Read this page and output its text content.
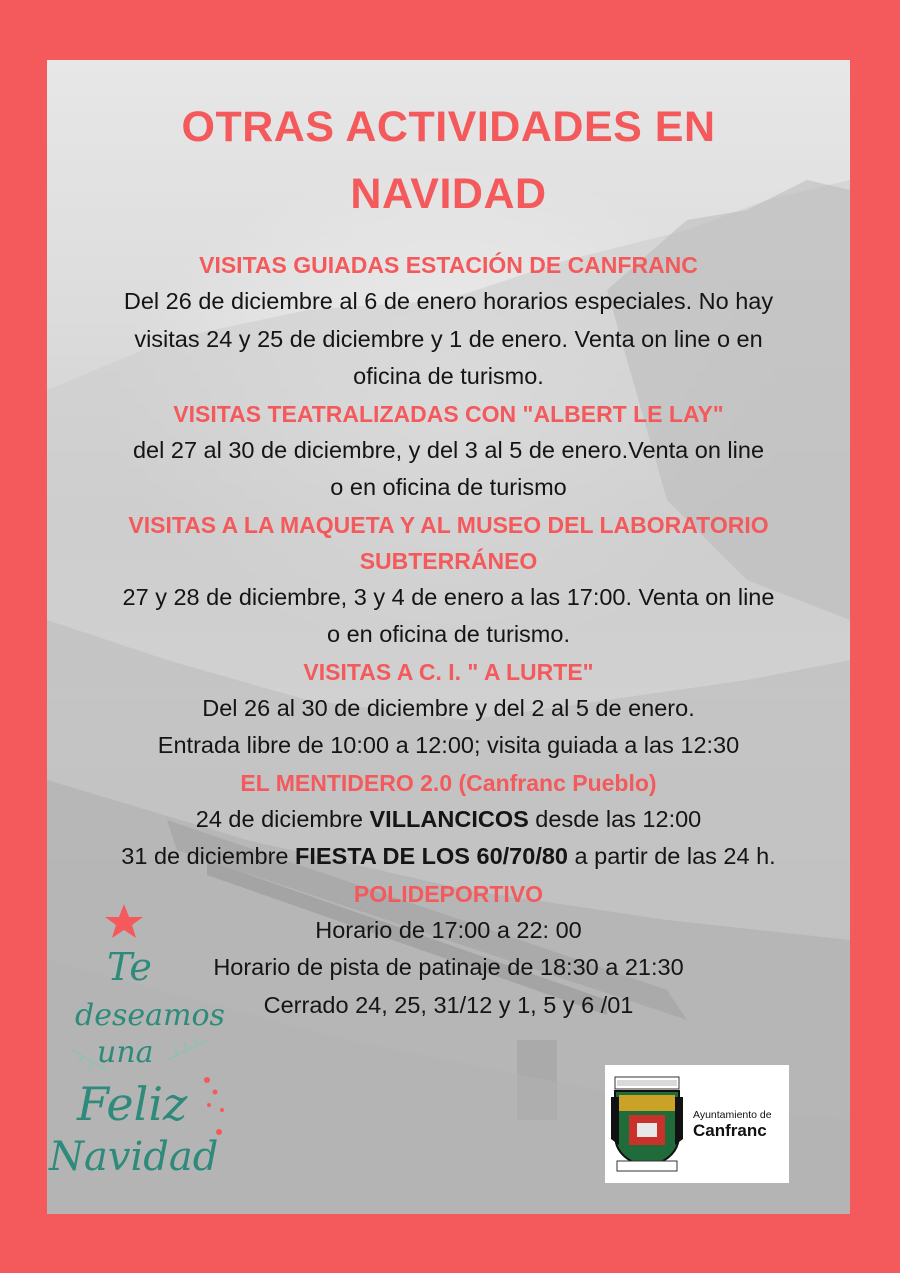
OTRAS ACTIVIDADES EN
NAVIDAD
VISITAS GUIADAS ESTACIÓN DE CANFRANC
Del 26 de diciembre al 6 de enero horarios especiales. No hay
visitas 24 y 25 de diciembre y 1 de enero. Venta on line o en
oficina de turismo.
VISITAS TEATRALIZADAS CON "ALBERT LE LAY"
del 27 al 30 de diciembre, y del 3 al 5 de enero.Venta on line
o en oficina de turismo
VISITAS A LA MAQUETA Y AL MUSEO DEL LABORATORIO
SUBTERRÁNEO
27 y 28 de diciembre, 3 y 4 de enero a las 17:00. Venta on line
o en oficina de turismo.
VISITAS A C. I. " A LURTE"
Del 26 al 30 de diciembre y del 2 al 5 de enero.
Entrada libre de 10:00 a 12:00; visita guiada a las 12:30
EL MENTIDERO 2.0 (Canfranc Pueblo)
24 de diciembre VILLANCICOS desde las 12:00
31 de diciembre FIESTA DE LOS 60/70/80 a partir de las 24 h.
POLIDEPORTIVO
Horario de 17:00 a 22: 00
Horario de pista de patinaje de 18:30 a 21:30
Cerrado 24, 25, 31/12 y 1, 5 y 6 /01
Te
deseamos
una
Feliz
Navidad
Ayuntamiento de
Canfranc
